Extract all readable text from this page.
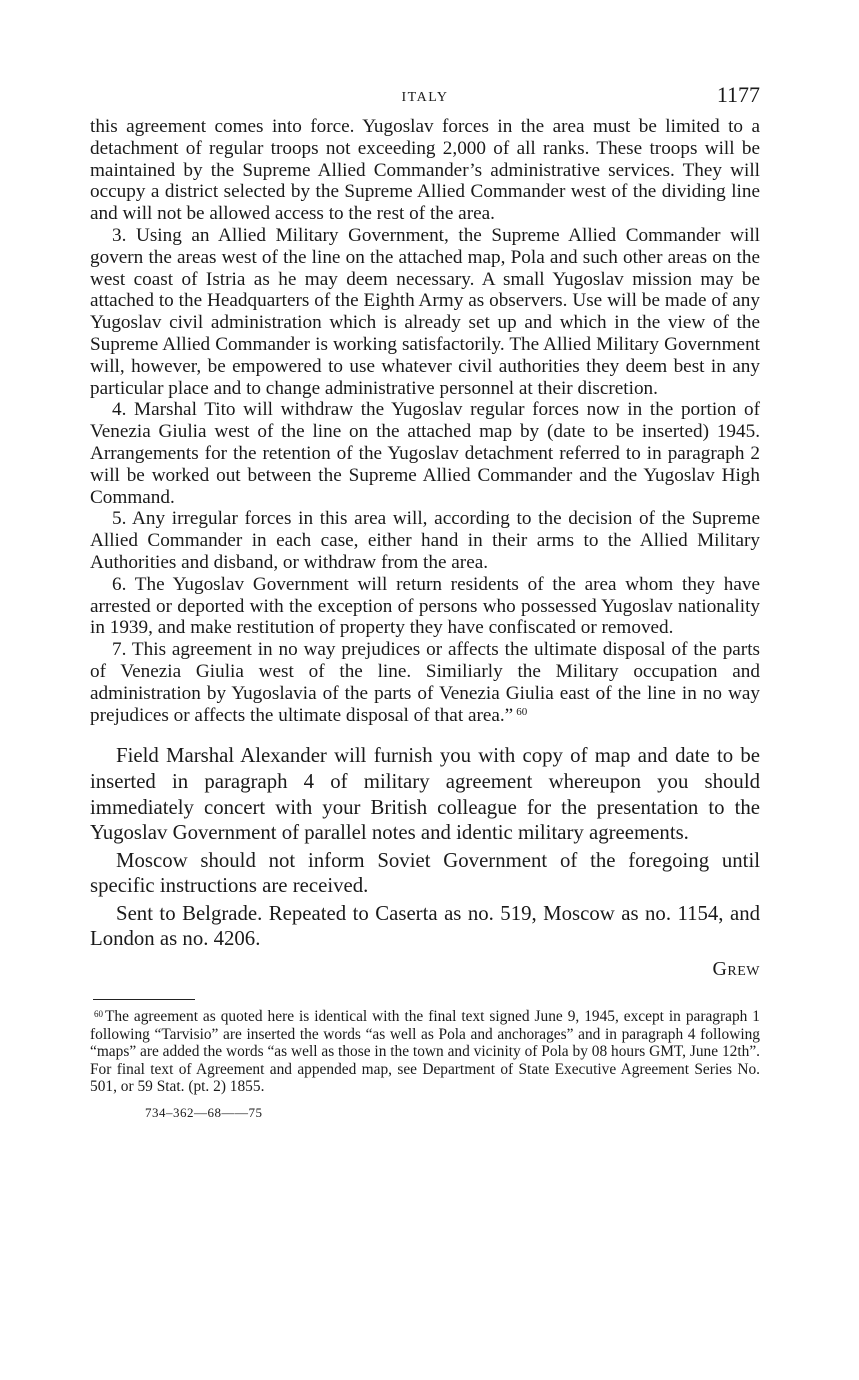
ITALY	1177

this agreement comes into force. Yugoslav forces in the area must be limited to a detachment of regular troops not exceeding 2,000 of all ranks. These troops will be maintained by the Supreme Allied Commander’s administrative services. They will occupy a district selected by the Supreme Allied Commander west of the dividing line and will not be allowed access to the rest of the area.

3. Using an Allied Military Government, the Supreme Allied Commander will govern the areas west of the line on the attached map, Pola and such other areas on the west coast of Istria as he may deem necessary. A small Yugoslav mission may be attached to the Headquarters of the Eighth Army as observers. Use will be made of any Yugoslav civil administration which is already set up and which in the view of the Supreme Allied Commander is working satisfactorily. The Allied Military Government will, however, be empowered to use whatever civil authorities they deem best in any particular place and to change administrative personnel at their discretion.

4. Marshal Tito will withdraw the Yugoslav regular forces now in the portion of Venezia Giulia west of the line on the attached map by (date to be inserted) 1945. Arrangements for the retention of the Yugoslav detachment referred to in paragraph 2 will be worked out between the Supreme Allied Commander and the Yugoslav High Command.

5. Any irregular forces in this area will, according to the decision of the Supreme Allied Commander in each case, either hand in their arms to the Allied Military Authorities and disband, or withdraw from the area.

6. The Yugoslav Government will return residents of the area whom they have arrested or deported with the exception of persons who possessed Yugoslav nationality in 1939, and make restitution of property they have confiscated or removed.

7. This agreement in no way prejudices or affects the ultimate disposal of the parts of Venezia Giulia west of the line. Similiarly the Military occupation and administration by Yugoslavia of the parts of Venezia Giulia east of the line in no way prejudices or affects the ultimate disposal of that area.” $^{60}$

Field Marshal Alexander will furnish you with copy of map and date to be inserted in paragraph 4 of military agreement whereupon you should immediately concert with your British colleague for the presentation to the Yugoslav Government of parallel notes and identic military agreements.

Moscow should not inform Soviet Government of the foregoing until specific instructions are received.

Sent to Belgrade. Repeated to Caserta as no. 519, Moscow as no. 1154, and London as no. 4206.

Grew
$^{60}$ The agreement as quoted here is identical with the final text signed June 9, 1945, except in paragraph 1 following “Tarvisio” are inserted the words “as well as Pola and anchorages” and in paragraph 4 following “maps” are added the words “as well as those in the town and vicinity of Pola by 08 hours GMT, June 12th”. For final text of Agreement and appended map, see Department of State Executive Agreement Series No. 501, or 59 Stat. (pt. 2) 1855.
734–362—68——75
